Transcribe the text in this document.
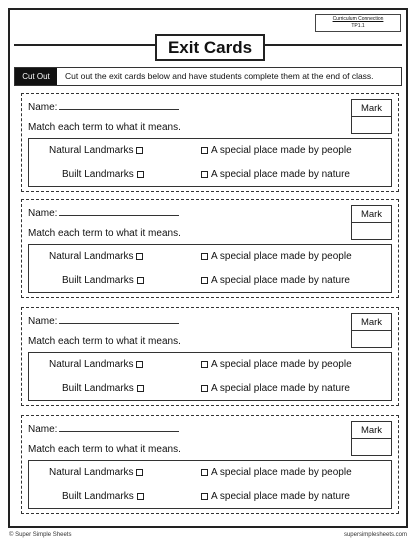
Curriculum Connection
TP1.1
Exit Cards
Cut Out	Cut out the exit cards below and have students complete them at the end of class.
Name:
Match each term to what it means.
Mark
Natural Landmarks
Built Landmarks
A special place made by people
A special place made by nature
Name:
Match each term to what it means.
Mark
Natural Landmarks
Built Landmarks
A special place made by people
A special place made by nature
Name:
Match each term to what it means.
Mark
Natural Landmarks
Built Landmarks
A special place made by people
A special place made by nature
Name:
Match each term to what it means.
Mark
Natural Landmarks
Built Landmarks
A special place made by people
A special place made by nature
© Super Simple Sheets	supersimplesheets.com
